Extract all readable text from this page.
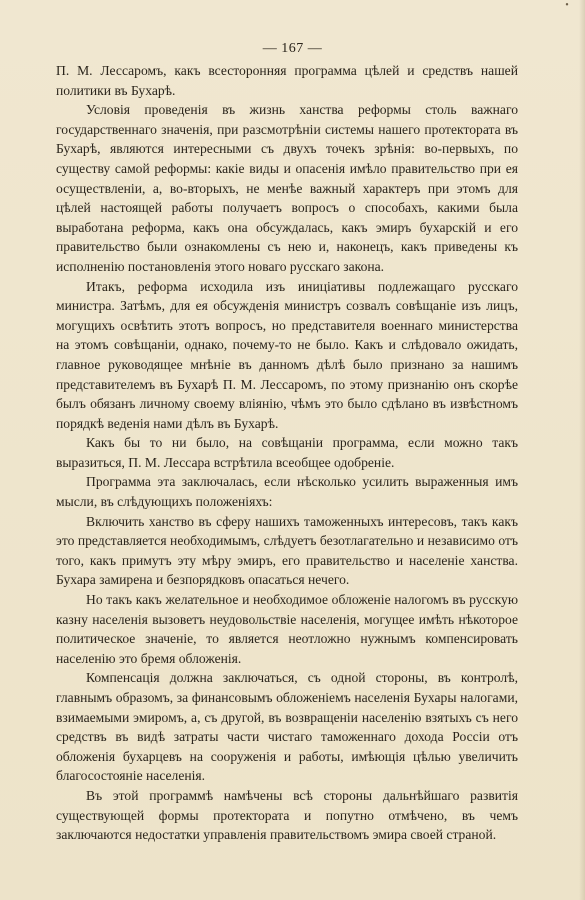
•
— 167 —

П. М. Лессаромъ, какъ всесторонняя программа цѣлей и средствъ нашей политики въ Бухарѣ.

Условія проведенія въ жизнь ханства реформы столь важнаго государственнаго значенія, при разсмотрѣніи системы нашего протектората въ Бухарѣ, являются интересными съ двухъ точекъ зрѣнія: во-первыхъ, по существу самой реформы: какіе виды и опасенія имѣло правительство при ея осуществленіи, а, во-вторыхъ, не менѣе важный характеръ при этомъ для цѣлей настоящей работы получаетъ вопросъ о способахъ, какими была выработана реформа, какъ она обсуждалась, какъ эмиръ бухарскій и его правительство были ознакомлены съ нею и, наконецъ, какъ приведены къ исполненію постановленія этого новаго русскаго закона.

Итакъ, реформа исходила изъ иниціативы подлежащаго русскаго министра. Затѣмъ, для ея обсужденія министръ созвалъ совѣщаніе изъ лицъ, могущихъ освѣтить этотъ вопросъ, но представителя военнаго министерства на этомъ совѣщаніи, однако, почему-то не было. Какъ и слѣдовало ожидать, главное руководящее мнѣніе въ данномъ дѣлѣ было признано за нашимъ представителемъ въ Бухарѣ П. М. Лессаромъ, по этому признанію онъ скорѣе былъ обязанъ личному своему вліянію, чѣмъ это было сдѣлано въ извѣстномъ порядкѣ веденія нами дѣлъ въ Бухарѣ.

Какъ бы то ни было, на совѣщаніи программа, если можно такъ выразиться, П. М. Лессара встрѣтила всеобщее одобреніе.

Программа эта заключалась, если нѣсколько усилить выраженныя имъ мысли, въ слѣдующихъ положеніяхъ:

Включить ханство въ сферу нашихъ таможенныхъ интересовъ, такъ какъ это представляется необходимымъ, слѣдуетъ безотлагательно и независимо отъ того, какъ примутъ эту мѣру эмиръ, его правительство и населеніе ханства. Бухара замирена и безпорядковъ опасаться нечего.

Но такъ какъ желательное и необходимое обложеніе налогомъ въ русскую казну населенія вызоветъ неудовольствіе населенія, могущее имѣть нѣкоторое политическое значеніе, то является неотложно нужнымъ компенсировать населенію это бремя обложенія.

Компенсація должна заключаться, съ одной стороны, въ контролѣ, главнымъ образомъ, за финансовымъ обложеніемъ населенія Бухары налогами, взимаемыми эмиромъ, а, съ другой, въ возвращеніи населенію взятыхъ съ него средствъ въ видѣ затраты части чистаго таможеннаго дохода Россіи отъ обложенія бухарцевъ на сооруженія и работы, имѣющія цѣлью увеличить благосостояніе населенія.

Въ этой программѣ намѣчены всѣ стороны дальнѣйшаго развитія существующей формы протектората и попутно отмѣчено, въ чемъ заключаются недостатки управленія правительствомъ эмира своей страной.
